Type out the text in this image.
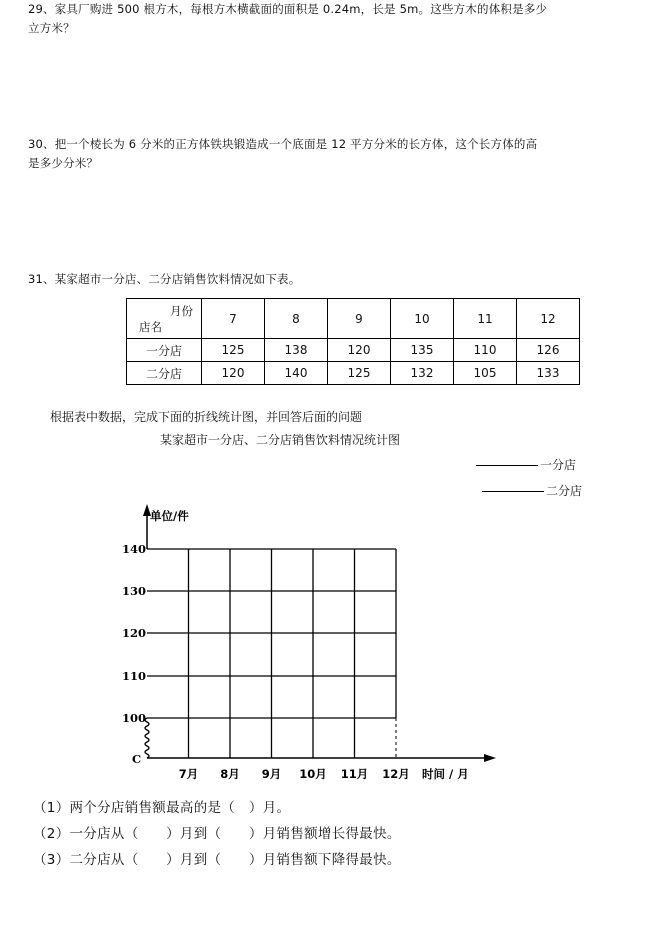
29、家具厂购进 500 根方木，每根方木横截面的面积是 0.24m，长是 5m。这些方木的体积是多少
立方米？
30、把一个棱长为 6 分米的正方体铁块锻造成一个底面是 12 平方分米的长方体，这个长方体的高
是多少分米？
31、某家超市一分店、二分店销售饮料情况如下表。
月份
店名	7	8	9	10	11	12
一分店	125	138	120	135	110	126
二分店	120	140	125	132	105	133
根据表中数据，完成下面的折线统计图，并回答后面的问题
某家超市一分店、二分店销售饮料情况统计图
一分店
二分店
140
130
120
110
100
C
7月 8月 9月 10月 11月 12月
单位/件
时间 / 月
（1）两个分店销售额最高的是（　）月。
（2）一分店从（　　）月到（　　）月销售额增长得最快。
（3）二分店从（　　）月到（　　）月销售额下降得最快。
